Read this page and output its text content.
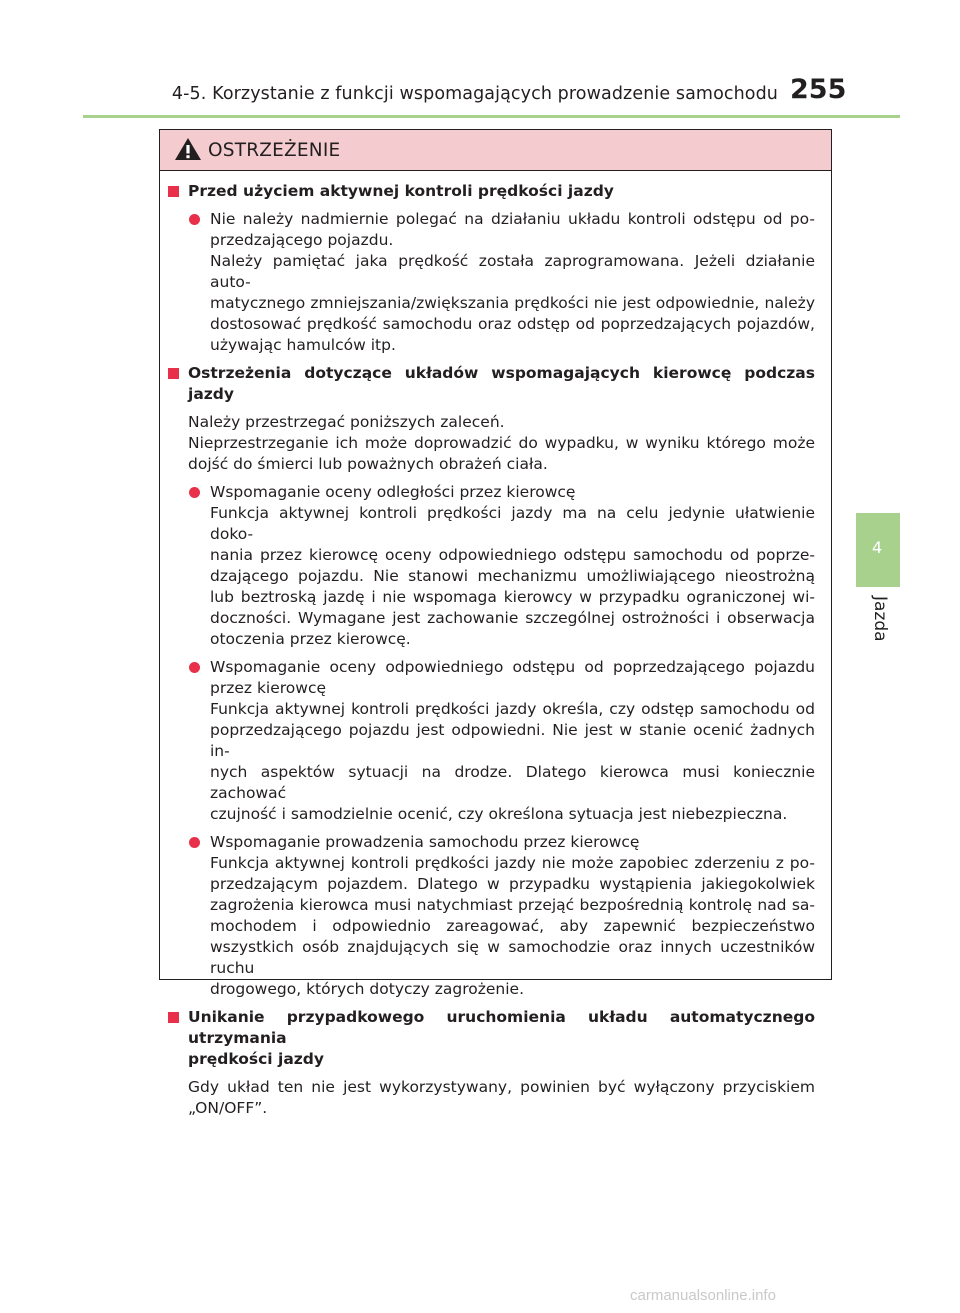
4-5. Korzystanie z funkcji wspomagających prowadzenie samochodu 255
4
Jazda
OSTRZEŻENIE
Przed użyciem aktywnej kontroli prędkości jazdy
Nie należy nadmiernie polegać na działaniu układu kontroli odstępu od po-
przedzającego pojazdu.
Należy pamiętać jaka prędkość została zaprogramowana. Jeżeli działanie auto-
matycznego zmniejszania/zwiększania prędkości nie jest odpowiednie, należy
dostosować prędkość samochodu oraz odstęp od poprzedzających pojazdów,
używając hamulców itp.
Ostrzeżenia dotyczące układów wspomagających kierowcę podczas jazdy
Należy przestrzegać poniższych zaleceń.
Nieprzestrzeganie ich może doprowadzić do wypadku, w wyniku którego może
dojść do śmierci lub poważnych obrażeń ciała.
Wspomaganie oceny odległości przez kierowcę
Funkcja aktywnej kontroli prędkości jazdy ma na celu jedynie ułatwienie doko-
nania przez kierowcę oceny odpowiedniego odstępu samochodu od poprze-
dzającego pojazdu. Nie stanowi mechanizmu umożliwiającego nieostrożną
lub beztroską jazdę i nie wspomaga kierowcy w przypadku ograniczonej wi-
doczności. Wymagane jest zachowanie szczególnej ostrożności i obserwacja
otoczenia przez kierowcę.
Wspomaganie oceny odpowiedniego odstępu od poprzedzającego pojazdu
przez kierowcę
Funkcja aktywnej kontroli prędkości jazdy określa, czy odstęp samochodu od
poprzedzającego pojazdu jest odpowiedni. Nie jest w stanie ocenić żadnych in-
nych aspektów sytuacji na drodze. Dlatego kierowca musi koniecznie zachować
czujność i samodzielnie ocenić, czy określona sytuacja jest niebezpieczna.
Wspomaganie prowadzenia samochodu przez kierowcę
Funkcja aktywnej kontroli prędkości jazdy nie może zapobiec zderzeniu z po-
przedzającym pojazdem. Dlatego w przypadku wystąpienia jakiegokolwiek
zagrożenia kierowca musi natychmiast przejąć bezpośrednią kontrolę nad sa-
mochodem i odpowiednio zareagować, aby zapewnić bezpieczeństwo
wszystkich osób znajdujących się w samochodzie oraz innych uczestników ruchu
drogowego, których dotyczy zagrożenie.
Unikanie przypadkowego uruchomienia układu automatycznego utrzymania
prędkości jazdy
Gdy układ ten nie jest wykorzystywany, powinien być wyłączony przyciskiem
„ON/OFF”.
carmanualsonline.info
